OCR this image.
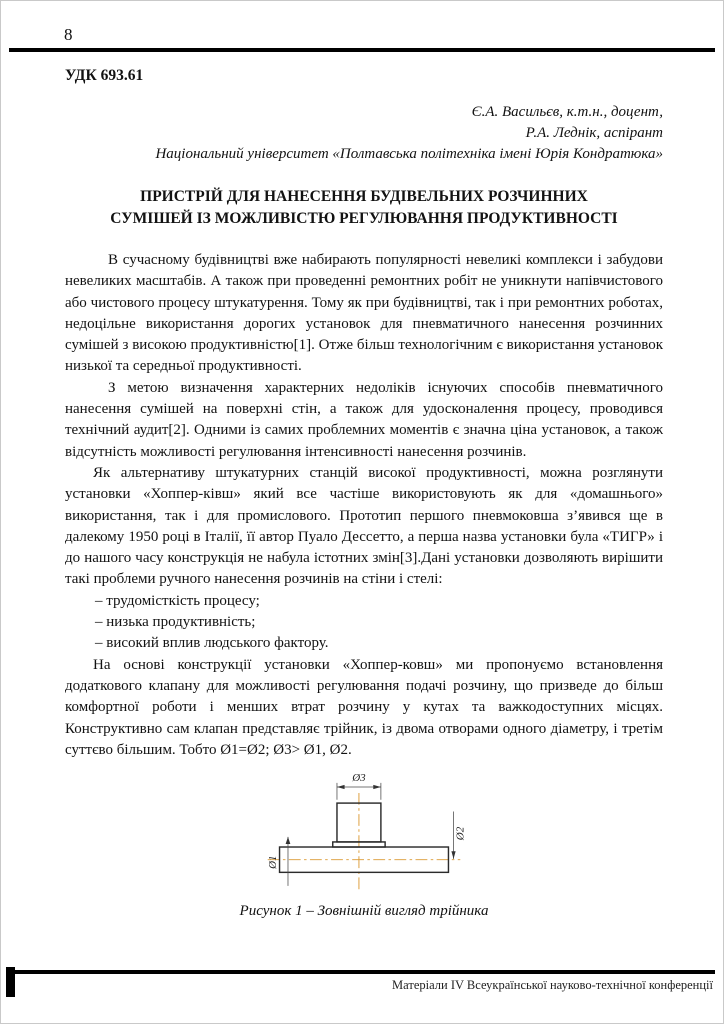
8
УДК 693.61
Є.А. Васильєв, к.т.н., доцент,
Р.А. Леднік, аспірант
Національний університет «Полтавська політехніка імені Юрія Кондратюка»
ПРИСТРІЙ ДЛЯ НАНЕСЕННЯ БУДІВЕЛЬНИХ РОЗЧИННИХ
СУМІШЕЙ ІЗ МОЖЛИВІСТЮ РЕГУЛЮВАННЯ ПРОДУКТИВНОСТІ

В сучасному будівництві вже набирають популярності невеликі комплекси і забудови невеликих масштабів. А також при проведенні ремонтних робіт не уникнути напівчистового або чистового процесу штукатурення. Тому як при будівництві, так і при ремонтних роботах, недоцільне використання дорогих установок для пневматичного нанесення розчинних сумішей з високою продуктивністю[1]. Отже більш технологічним є використання установок низької та середньої продуктивності.

З метою визначення характерних недоліків існуючих способів пневматичного нанесення сумішей на поверхні стін, а також для удосконалення процесу, проводився технічний аудит[2]. Одними із самих проблемних моментів є значна ціна установок, а також відсутність можливості регулювання інтенсивності нанесення розчинів.

Як альтернативу штукатурних станцій високої продуктивності, можна розглянути установки «Хоппер-ківш» який все частіше використовують як для «домашнього» використання, так і для промислового. Прототип першого пневмоковша з’явився ще в далекому 1950 році в Італії, її автор Пуало Дессетто, а перша назва установки була «ТИГР» і до нашого часу конструкція не набула істотних змін[3].Дані установки дозволяють вирішити такі проблеми ручного нанесення розчинів на стіни і стелі:

– трудомісткість процесу;
– низька продуктивність;
– високий вплив людського фактору.

На основі конструкції установки «Хоппер-ковш» ми пропонуємо встановлення додаткового клапану для можливості регулювання подачі розчину, що призведе до більш комфортної роботи і менших втрат розчину у кутах та важкодоступних місцях. Конструктивно сам клапан представляє трійник, із двома отворами одного діаметру, і третім суттєво більшим. Тобто Ø1=Ø2; Ø3> Ø1, Ø2.

Ø3
Ø2
Ø1
Рисунок 1 – Зовнішній вигляд трійника
Матеріали IV Всеукраїнської науково-технічної конференції
